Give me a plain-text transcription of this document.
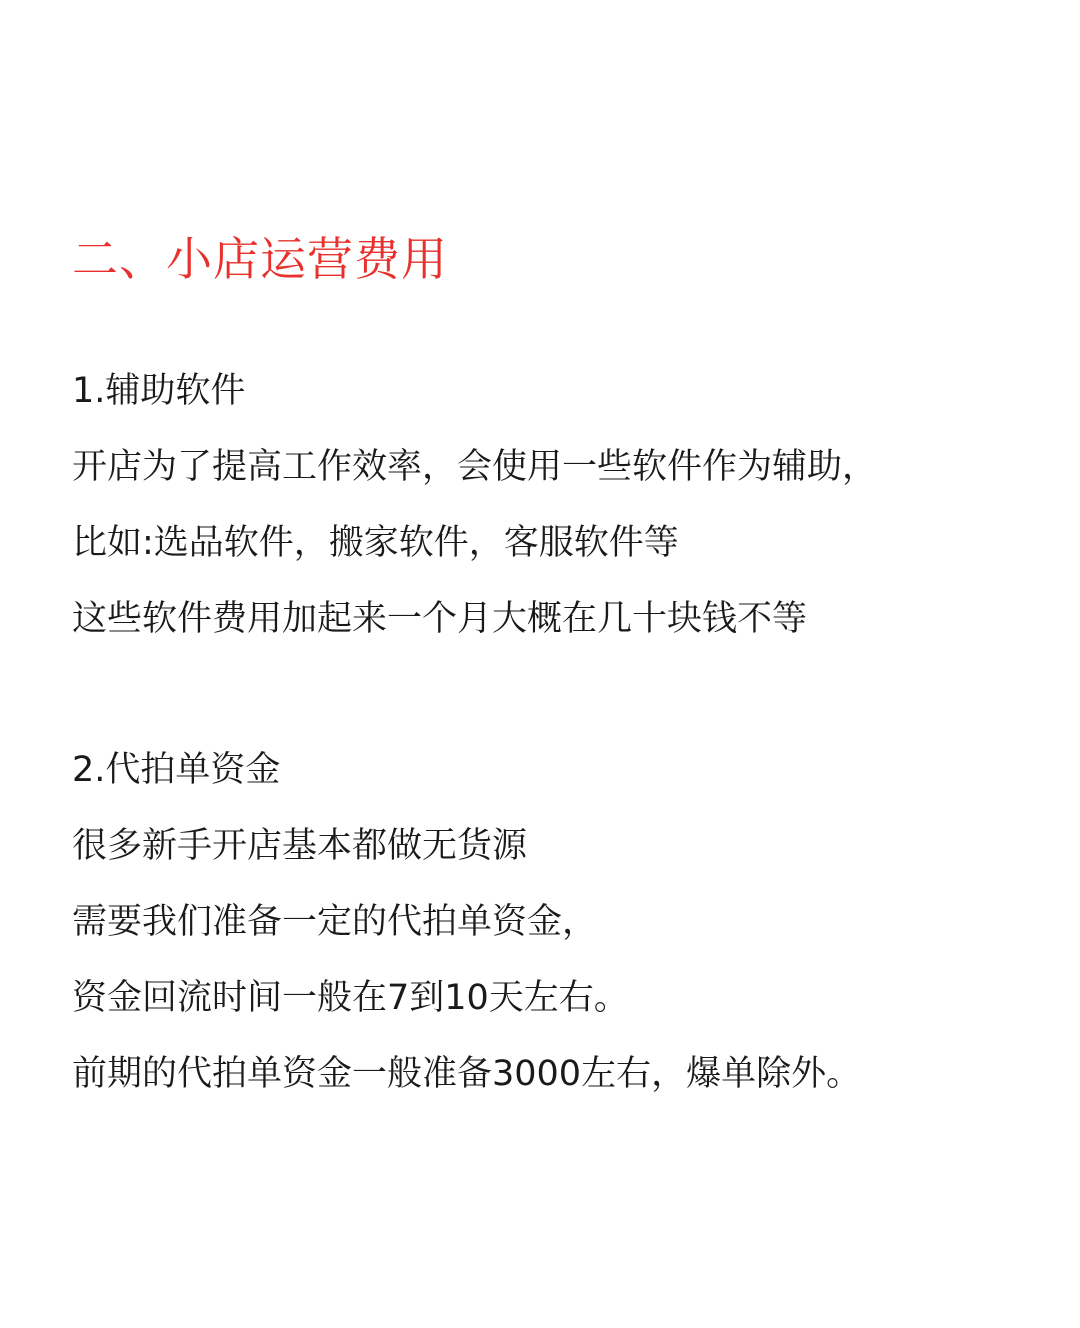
二、小店运营费用
1.辅助软件
开店为了提高工作效率，会使用一些软件作为辅助，
比如:选品软件，搬家软件，客服软件等
这些软件费用加起来一个月大概在几十块钱不等
2.代拍单资金
很多新手开店基本都做无货源
需要我们准备一定的代拍单资金，
资金回流时间一般在7到10天左右。
前期的代拍单资金一般准备3000左右，爆单除外。
